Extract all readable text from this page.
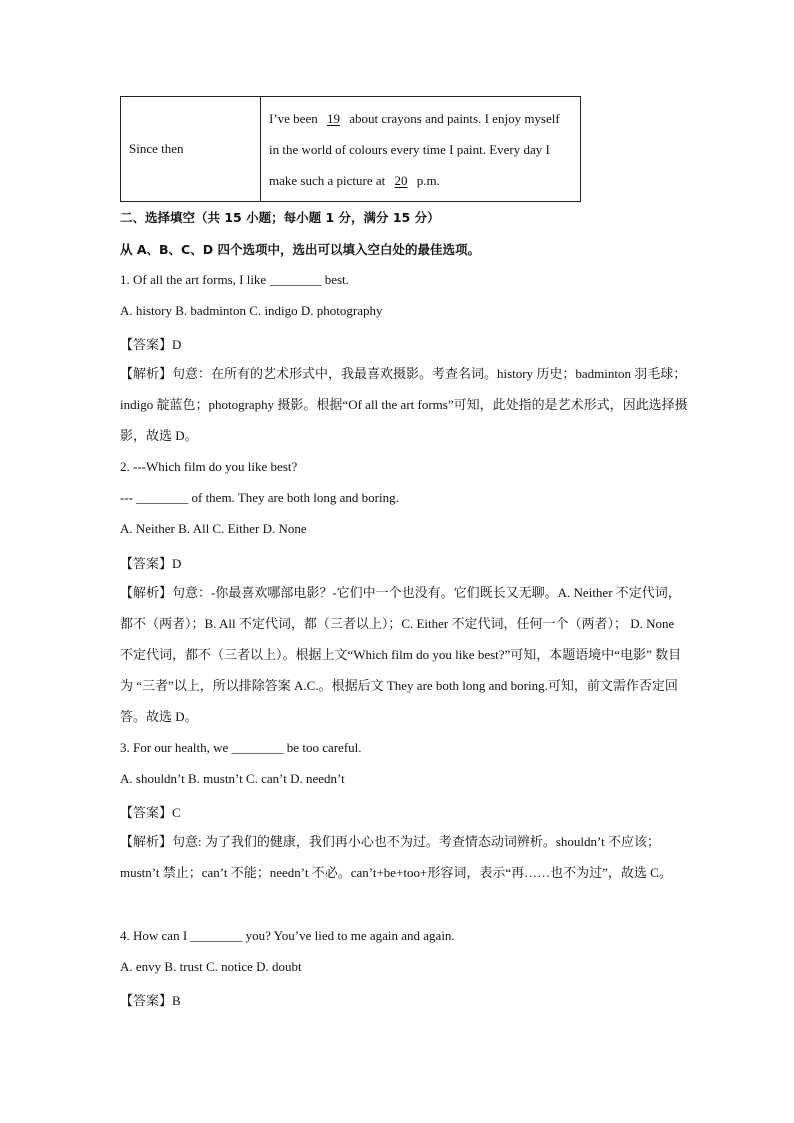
Since then	I’ve been 19 about crayons and paints. I enjoy myself in the world of colours every time I paint. Every day I make such a picture at 20 p.m.
二、选择填空（共 15 小题；每小题 1 分，满分 15 分）
从 A、B、C、D 四个选项中，选出可以填入空白处的最佳选项。
1. Of all the art forms, I like ________ best.
A. history B. badminton C. indigo D. photography
【答案】D
【解析】句意：在所有的艺术形式中，我最喜欢摄影。考查名词。history 历史；badminton 羽毛球；indigo 靛蓝色；photography 摄影。根据“Of all the art forms”可知，此处指的是艺术形式，因此选择摄影，故选 D。
2. ---Which film do you like best?
--- ________ of them. They are both long and boring.
A. Neither B. All C. Either D. None
【答案】D
【解析】句意：-你最喜欢哪部电影？-它们中一个也没有。它们既长又无聊。A. Neither 不定代词，都不（两者）；B. All 不定代词，都（三者以上）；C. Either 不定代词，任何一个（两者）； D. None 不定代词，都不（三者以上）。根据上文“Which film do you like best?”可知，本题语境中“电影” 数目为 “三者”以上，所以排除答案 A.C.。根据后文 They are both long and boring.可知，前文需作否定回答。故选 D。
3. For our health, we ________ be too careful.
A. shouldn’t B. mustn’t C. can’t D. needn’t
【答案】C
【解析】句意: 为了我们的健康，我们再小心也不为过。考查情态动词辨析。shouldn’t 不应该；mustn’t 禁止；can’t 不能；needn’t 不必。can’t+be+too+形容词，表示“再……也不为过”，故选 C。
4. How can I ________ you? You’ve lied to me again and again.
A. envy B. trust C. notice D. doubt
【答案】B
